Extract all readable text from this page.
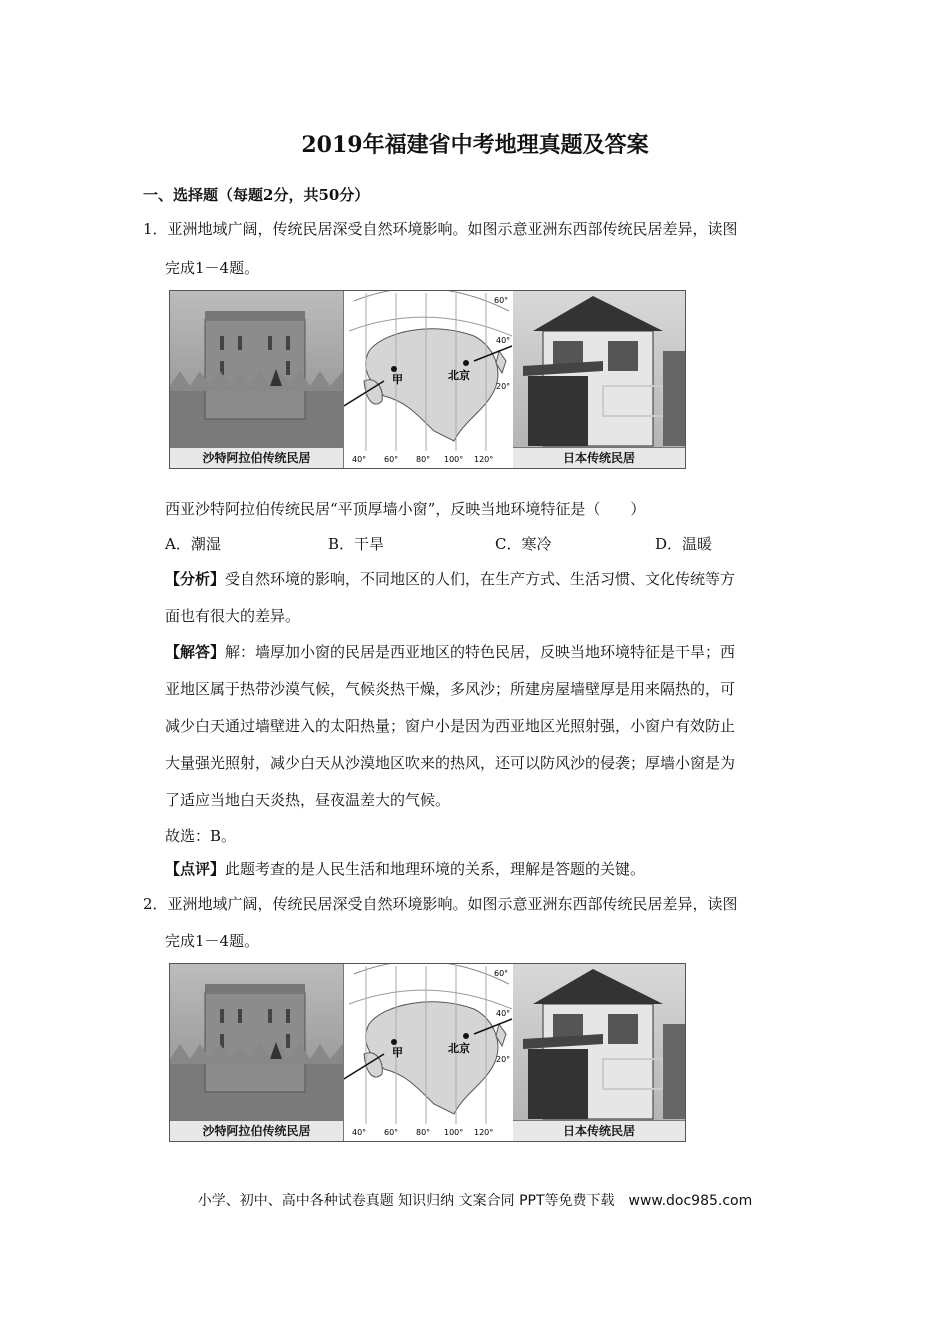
2019年福建省中考地理真题及答案
一、选择题（每题2分，共50分）
1．亚洲地域广阔，传统民居深受自然环境影响。如图示意亚洲东西部传统民居差异，读图
完成1－4题。
沙特阿拉伯传统民居
甲	北京
40° 60° 80° 100° 120°
60°
40°
20°
日本传统民居
西亚沙特阿拉伯传统民居“平顶厚墙小窗”，反映当地环境特征是（　　）
A．潮湿	B．干旱	C．寒冷	D．温暖
【分析】受自然环境的影响，不同地区的人们，在生产方式、生活习惯、文化传统等方
面也有很大的差异。
【解答】解：墙厚加小窗的民居是西亚地区的特色民居，反映当地环境特征是干旱；西
亚地区属于热带沙漠气候，气候炎热干燥，多风沙；所建房屋墙壁厚是用来隔热的，可
减少白天通过墙壁进入的太阳热量；窗户小是因为西亚地区光照射强，小窗户有效防止
大量强光照射，减少白天从沙漠地区吹来的热风，还可以防风沙的侵袭；厚墙小窗是为
了适应当地白天炎热，昼夜温差大的气候。
故选：B。
【点评】此题考查的是人民生活和地理环境的关系，理解是答题的关键。
2．亚洲地域广阔，传统民居深受自然环境影响。如图示意亚洲东西部传统民居差异，读图
完成1－4题。
沙特阿拉伯传统民居
甲	北京
40° 60° 80° 100° 120°
60°
40°
20°
日本传统民居
小学、初中、高中各种试卷真题 知识归纳 文案合同 PPT等免费下载　www.doc985.com
